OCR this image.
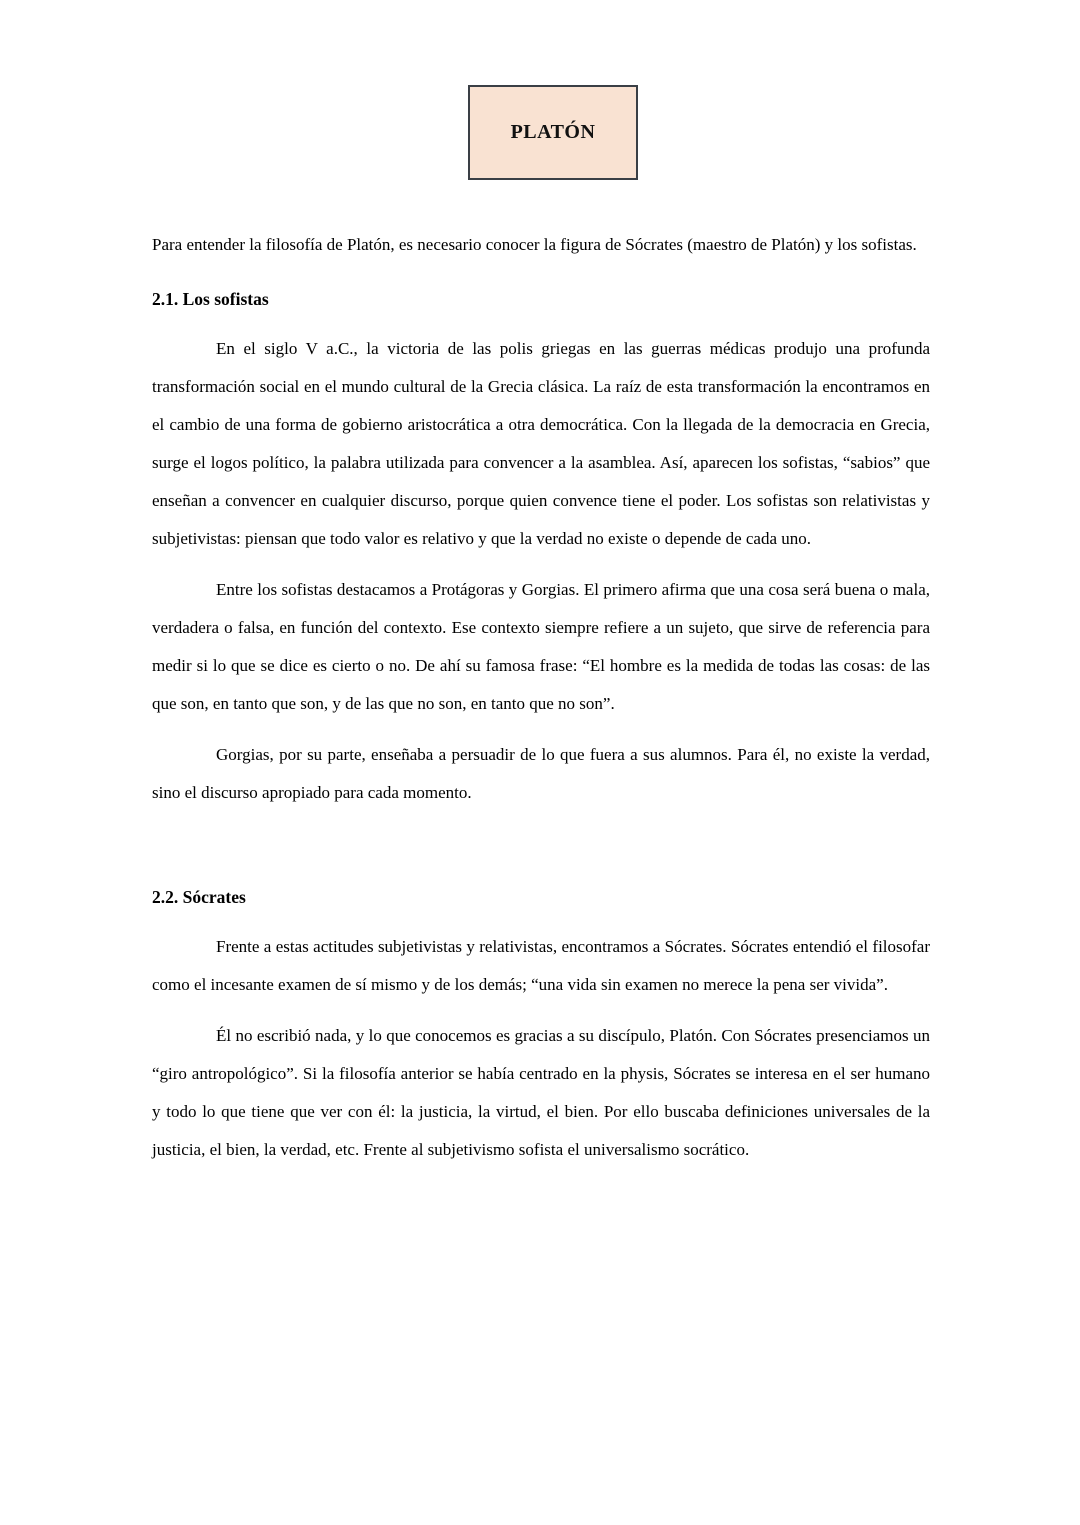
PLATÓN

Para entender la filosofía de Platón, es necesario conocer la figura de Sócrates (maestro de Platón) y los sofistas.

2.1. Los sofistas

En el siglo V a.C., la victoria de las polis griegas en las guerras médicas produjo una profunda transformación social en el mundo cultural de la Grecia clásica. La raíz de esta transformación la encontramos en el cambio de una forma de gobierno aristocrática a otra democrática. Con la llegada de la democracia en Grecia, surge el logos político, la palabra utilizada para convencer a la asamblea. Así, aparecen los sofistas, “sabios” que enseñan a convencer en cualquier discurso, porque quien convence tiene el poder. Los sofistas son relativistas y subjetivistas: piensan que todo valor es relativo y que la verdad no existe o depende de cada uno.

Entre los sofistas destacamos a Protágoras y Gorgias. El primero afirma que una cosa será buena o mala, verdadera o falsa, en función del contexto. Ese contexto siempre refiere a un sujeto, que sirve de referencia para medir si lo que se dice es cierto o no. De ahí su famosa frase: “El hombre es la medida de todas las cosas: de las que son, en tanto que son, y de las que no son, en tanto que no son”.

Gorgias, por su parte, enseñaba a persuadir de lo que fuera a sus alumnos. Para él, no existe la verdad, sino el discurso apropiado para cada momento.

2.2. Sócrates

Frente a estas actitudes subjetivistas y relativistas, encontramos a Sócrates. Sócrates entendió el filosofar como el incesante examen de sí mismo y de los demás; “una vida sin examen no merece la pena ser vivida”.

Él no escribió nada, y lo que conocemos es gracias a su discípulo, Platón. Con Sócrates presenciamos un “giro antropológico”. Si la filosofía anterior se había centrado en la physis, Sócrates se interesa en el ser humano y todo lo que tiene que ver con él: la justicia, la virtud, el bien. Por ello buscaba definiciones universales de la justicia, el bien, la verdad, etc. Frente al subjetivismo sofista el universalismo socrático.
